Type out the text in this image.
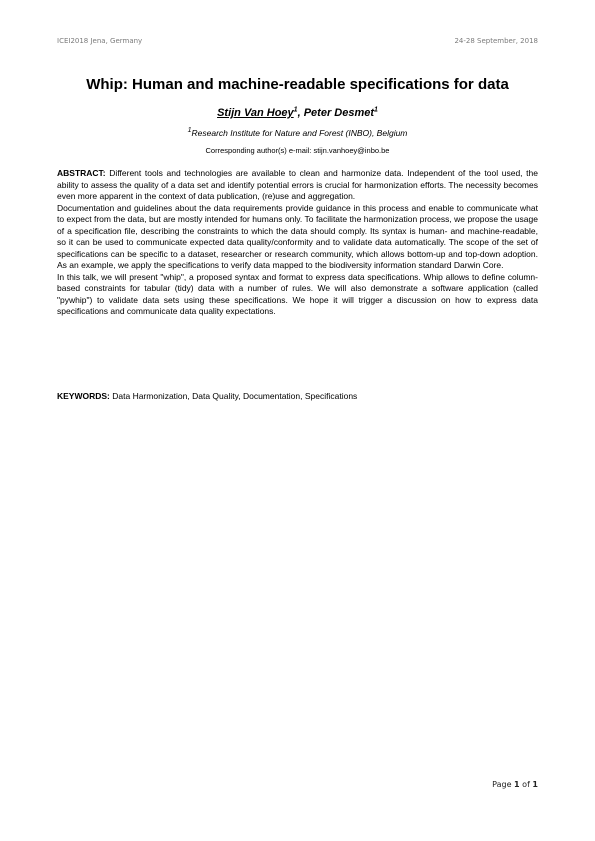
ICEI2018 Jena, Germany	24-28 September, 2018
Whip: Human and machine-readable specifications for data
Stijn Van Hoey$^1$, Peter Desmet$^1$
$^1$Research Institute for Nature and Forest (INBO), Belgium
Corresponding author(s) e-mail: stijn.vanhoey@inbo.be

ABSTRACT: Different tools and technologies are available to clean and harmonize data. Independent of the tool used, the ability to assess the quality of a data set and identify potential errors is crucial for harmonization efforts. The necessity becomes even more apparent in the context of data publication, (re)use and aggregation.

Documentation and guidelines about the data requirements provide guidance in this process and enable to communicate what to expect from the data, but are mostly intended for humans only. To facilitate the harmonization process, we propose the usage of a specification file, describing the constraints to which the data should comply. Its syntax is human- and machine-readable, so it can be used to communicate expected data quality/conformity and to validate data automatically. The scope of the set of specifications can be specific to a dataset, researcher or research community, which allows bottom-up and top-down adoption. As an example, we apply the specifications to verify data mapped to the biodiversity information standard Darwin Core.

In this talk, we will present "whip", a proposed syntax and format to express data specifications. Whip allows to define column-based constraints for tabular (tidy) data with a number of rules. We will also demonstrate a software application (called "pywhip") to validate data sets using these specifications. We hope it will trigger a discussion on how to express data specifications and communicate data quality expectations.

KEYWORDS: Data Harmonization, Data Quality, Documentation, Specifications
Page 1 of 1
